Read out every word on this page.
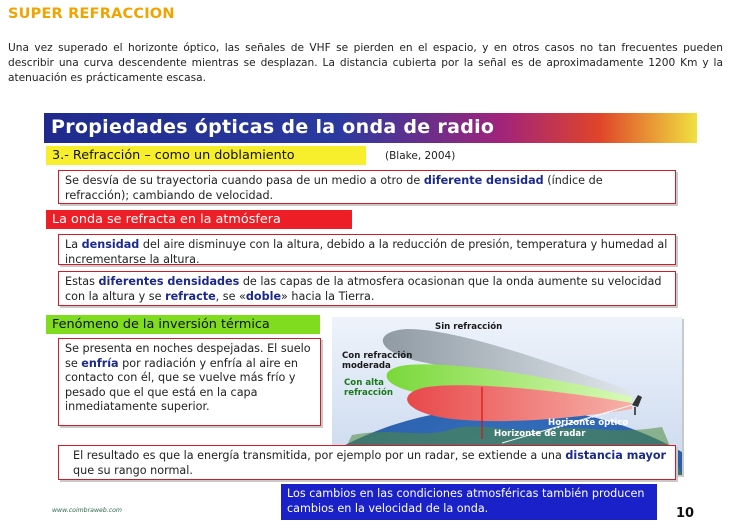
SUPER REFRACCION
Una vez superado el horizonte óptico, las señales de VHF se pierden en el espacio, y en otros casos no tan frecuentes pueden describir una curva descendente mientras se desplazan. La distancia cubierta por la señal es de aproximadamente 1200 Km y la atenuación es prácticamente escasa.
Propiedades ópticas de la onda de radio
3.- Refracción – como un doblamiento	(Blake, 2004)
Se desvía de su trayectoria cuando pasa de un medio a otro de diferente densidad (índice de refracción); cambiando de velocidad.
La onda se refracta en la atmósfera
La densidad del aire disminuye con la altura, debido a la reducción de presión, temperatura y humedad al incrementarse la altura.
Estas diferentes densidades de las capas de la atmosfera ocasionan que la onda aumente su velocidad con la altura y se refracte, se «doble» hacia la Tierra.
Fenómeno de la inversión térmica
Se presenta en noches despejadas. El suelo se enfría por radiación y enfría al aire en contacto con él, que se vuelve más frío y pesado que el que está en la capa inmediatamente superior.
Sin refracción
Con refracción
moderada
Con alta
refracción
Horizonte óptico
Horizonte de radar
El resultado es que la energía transmitida, por ejemplo por un radar, se extiende a una distancia mayor que su rango normal.
Los cambios en las condiciones atmosféricas también producen cambios en la velocidad de la onda.
www.coimbraweb.com	10
